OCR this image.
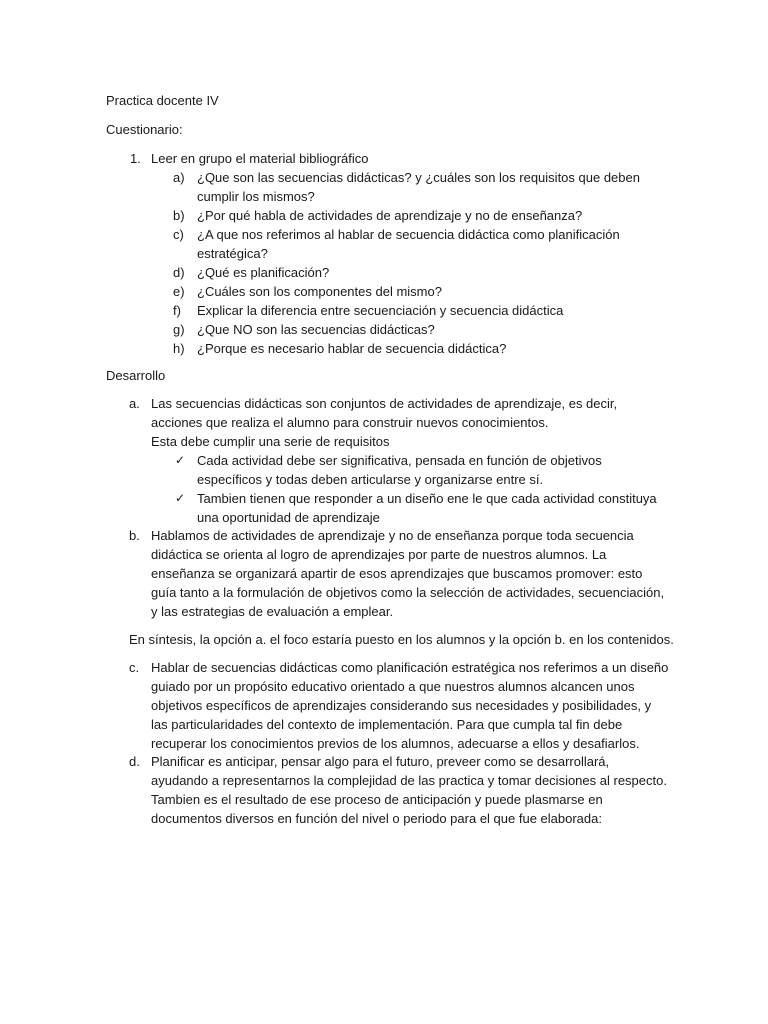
Practica docente IV

Cuestionario:

1. Leer en grupo el material bibliográfico

a) ¿Que son las secuencias didácticas? y ¿cuáles son los requisitos que deben cumplir los mismos?
b) ¿Por qué habla de actividades de aprendizaje y no de enseñanza?
c)	¿A que nos referimos al hablar de secuencia didáctica como planificación estratégica?
d) ¿Qué es planificación?
e) ¿Cuáles son los componentes del mismo?
f)	Explicar la diferencia entre secuenciación y secuencia didáctica
g) ¿Que NO son las secuencias didácticas?
h) ¿Porque es necesario hablar de secuencia didáctica?

Desarrollo

a. Las secuencias didácticas son conjuntos de actividades de aprendizaje, es decir, acciones que realiza el alumno para construir nuevos conocimientos.

Esta debe cumplir una serie de requisitos

✓ Cada actividad debe ser significativa, pensada en función de objetivos específicos y todas deben articularse y organizarse entre sí.
✓ Tambien tienen que responder a un diseño ene le que cada actividad constituya una oportunidad de aprendizaje
b. Hablamos de actividades de aprendizaje y no de enseñanza porque toda secuencia didáctica se orienta al logro de aprendizajes por parte de nuestros alumnos. La enseñanza se organizará apartir de esos aprendizajes que buscamos promover: esto guía tanto a la formulación de objetivos como la selección de actividades, secuenciación, y las estrategias de evaluación a emplear.

En síntesis, la opción a. el foco estaría puesto en los alumnos y la opción b. en los contenidos.

c. Hablar de secuencias didácticas como planificación estratégica nos referimos a un diseño guiado por un propósito educativo orientado a que nuestros alumnos alcancen unos objetivos específicos de aprendizajes considerando sus necesidades y posibilidades, y las particularidades del contexto de implementación. Para que cumpla tal fin debe recuperar los conocimientos previos de los alumnos, adecuarse a ellos y desafiarlos.

d. Planificar es anticipar, pensar algo para el futuro, preveer como se desarrollará, ayudando a representarnos la complejidad de las practica y tomar decisiones al respecto.

Tambien es el resultado de ese proceso de anticipación y puede plasmarse en documentos diversos en función del nivel o periodo para el que fue elaborada:
